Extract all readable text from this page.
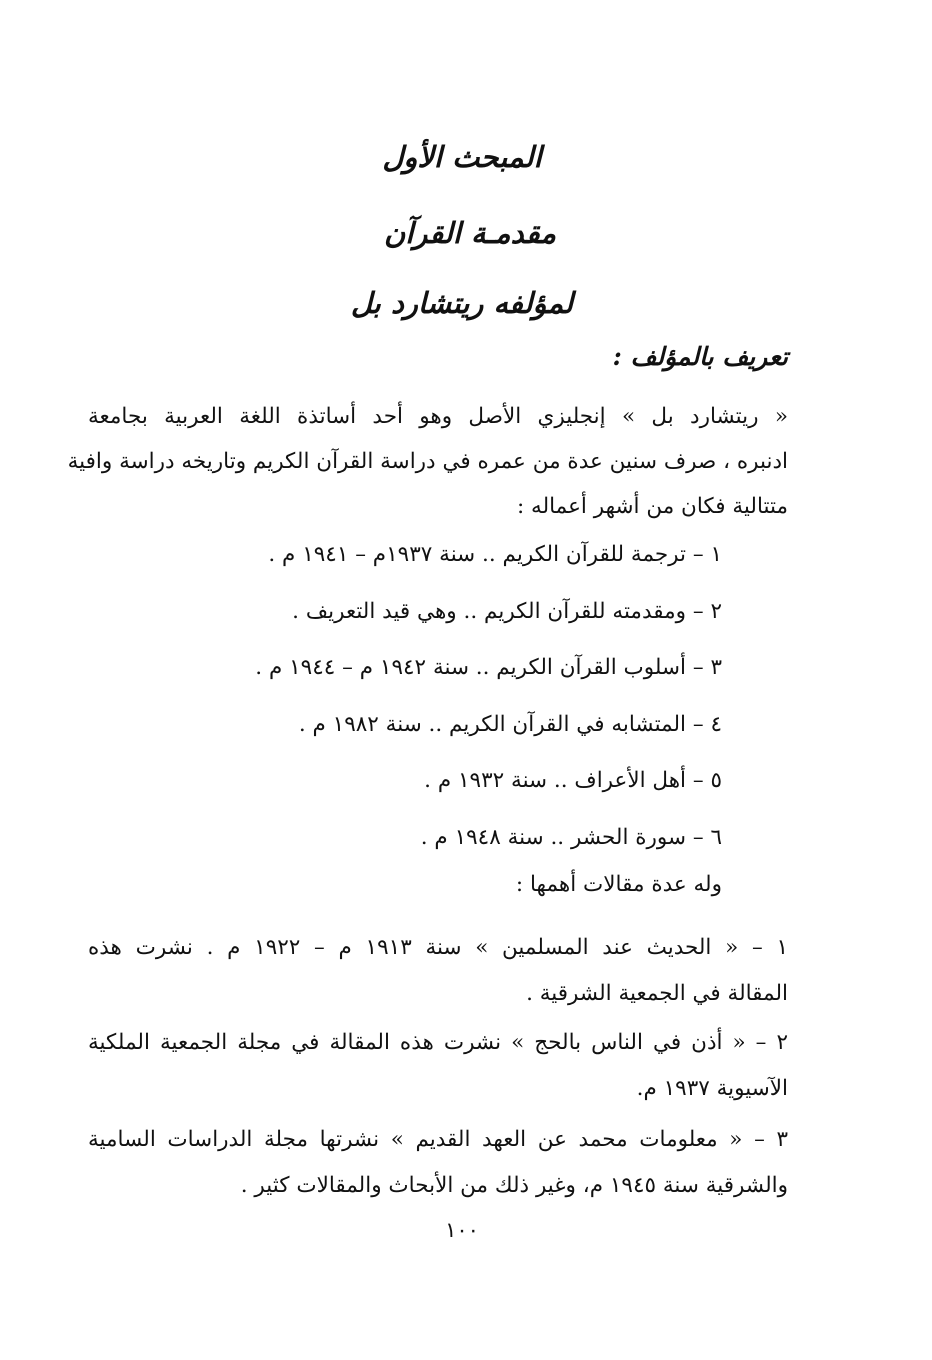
المبحث الأول
مقدمـة القرآن
لمؤلفه ريتشارد بل
تعريف بالمؤلف :
« ريتشارد بل » إنجليزي الأصل وهو أحد أساتذة اللغة العربية بجامعة
ادنبره ، صرف سنين عدة من عمره في دراسة القرآن الكريم وتاريخه دراسة وافية
متتالية فكان من أشهر أعماله :
١ – ترجمة للقرآن الكريم .. سنة ١٩٣٧م – ١٩٤١ م .
٢ – ومقدمته للقرآن الكريم .. وهي قيد التعريف .
٣ – أسلوب القرآن الكريم .. سنة ١٩٤٢ م – ١٩٤٤ م .
٤ – المتشابه في القرآن الكريم .. سنة ١٩٨٢ م .
٥ – أهل الأعراف .. سنة ١٩٣٢ م .
٦ – سورة الحشر .. سنة ١٩٤٨ م .
وله عدة مقالات أهمها :
١ – « الحديث عند المسلمين » سنة ١٩١٣ م – ١٩٢٢ م . نشرت هذه
المقالة في الجمعية الشرقية .
٢ – « أذن في الناس بالحج » نشرت هذه المقالة في مجلة الجمعية الملكية
الآسيوية ١٩٣٧ م.
٣ – « معلومات محمد عن العهد القديم » نشرتها مجلة الدراسات السامية
والشرقية سنة ١٩٤٥ م، وغير ذلك من الأبحاث والمقالات كثير .
١٠٠
